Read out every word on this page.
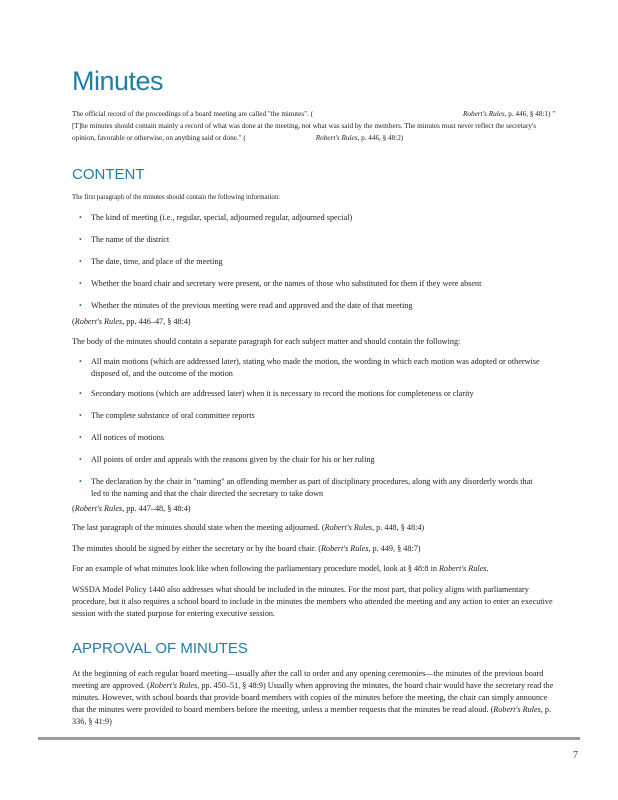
Minutes
The official record of the proceedings of a board meeting are called "the minutes". (	Robert's Rules, p. 446, § 48:1) "[T]he minutes should contain mainly a record of what was done at the meeting, not what was said by the members. The minutes must never reflect the secretary's opinion, favorable or otherwise, on anything said or done." (	Robert's Rules, p. 446, § 48:2)
CONTENT
The first paragraph of the minutes should contain the following information:
• The kind of meeting (i.e., regular, special, adjourned regular, adjourned special)
• The name of the district
• The date, time, and place of the meeting
• Whether the board chair and secretary were present, or the names of those who substituted for them if they were absent
• Whether the minutes of the previous meeting were read and approved and the date of that meeting
(Robert's Rules, pp. 446–47, § 48:4)
The body of the minutes should contain a separate paragraph for each subject matter and should contain the following:
• All main motions (which are addressed later), stating who made the motion, the wording in which each motion was adopted or otherwise disposed of, and the outcome of the motion
• Secondary motions (which are addressed later) when it is necessary to record the motions for completeness or clarity
• The complete substance of oral committee reports
• All notices of motions
• All points of order and appeals with the reasons given by the chair for his or her ruling
• The declaration by the chair in "naming" an offending member as part of disciplinary procedures, along with any disorderly words that led to the naming and that the chair directed the secretary to take down
(Robert's Rules, pp. 447–48, § 48:4)
The last paragraph of the minutes should state when the meeting adjourned. (Robert's Rules, p. 448, § 48:4)
The minutes should be signed by either the secretary or by the board chair. (Robert's Rules, p. 449, § 48:7)
For an example of what minutes look like when following the parliamentary procedure model, look at § 48:8 in Robert's Rules.
WSSDA Model Policy 1440 also addresses what should be included in the minutes. For the most part, that policy aligns with parliamentary procedure, but it also requires a school board to include in the minutes the members who attended the meeting and any action to enter an executive session with the stated purpose for entering executive session.
APPROVAL OF MINUTES
At the beginning of each regular board meeting—usually after the call to order and any opening ceremonies—the minutes of the previous board meeting are approved. (Robert's Rules, pp. 450–51, § 48:9) Usually when approving the minutes, the board chair would have the secretary read the minutes. However, with school boards that provide board members with copies of the minutes before the meeting, the chair can simply announce that the minutes were provided to board members before the meeting, unless a member requests that the minutes be read aloud. (Robert's Rules, p. 336, § 41:9)
7
